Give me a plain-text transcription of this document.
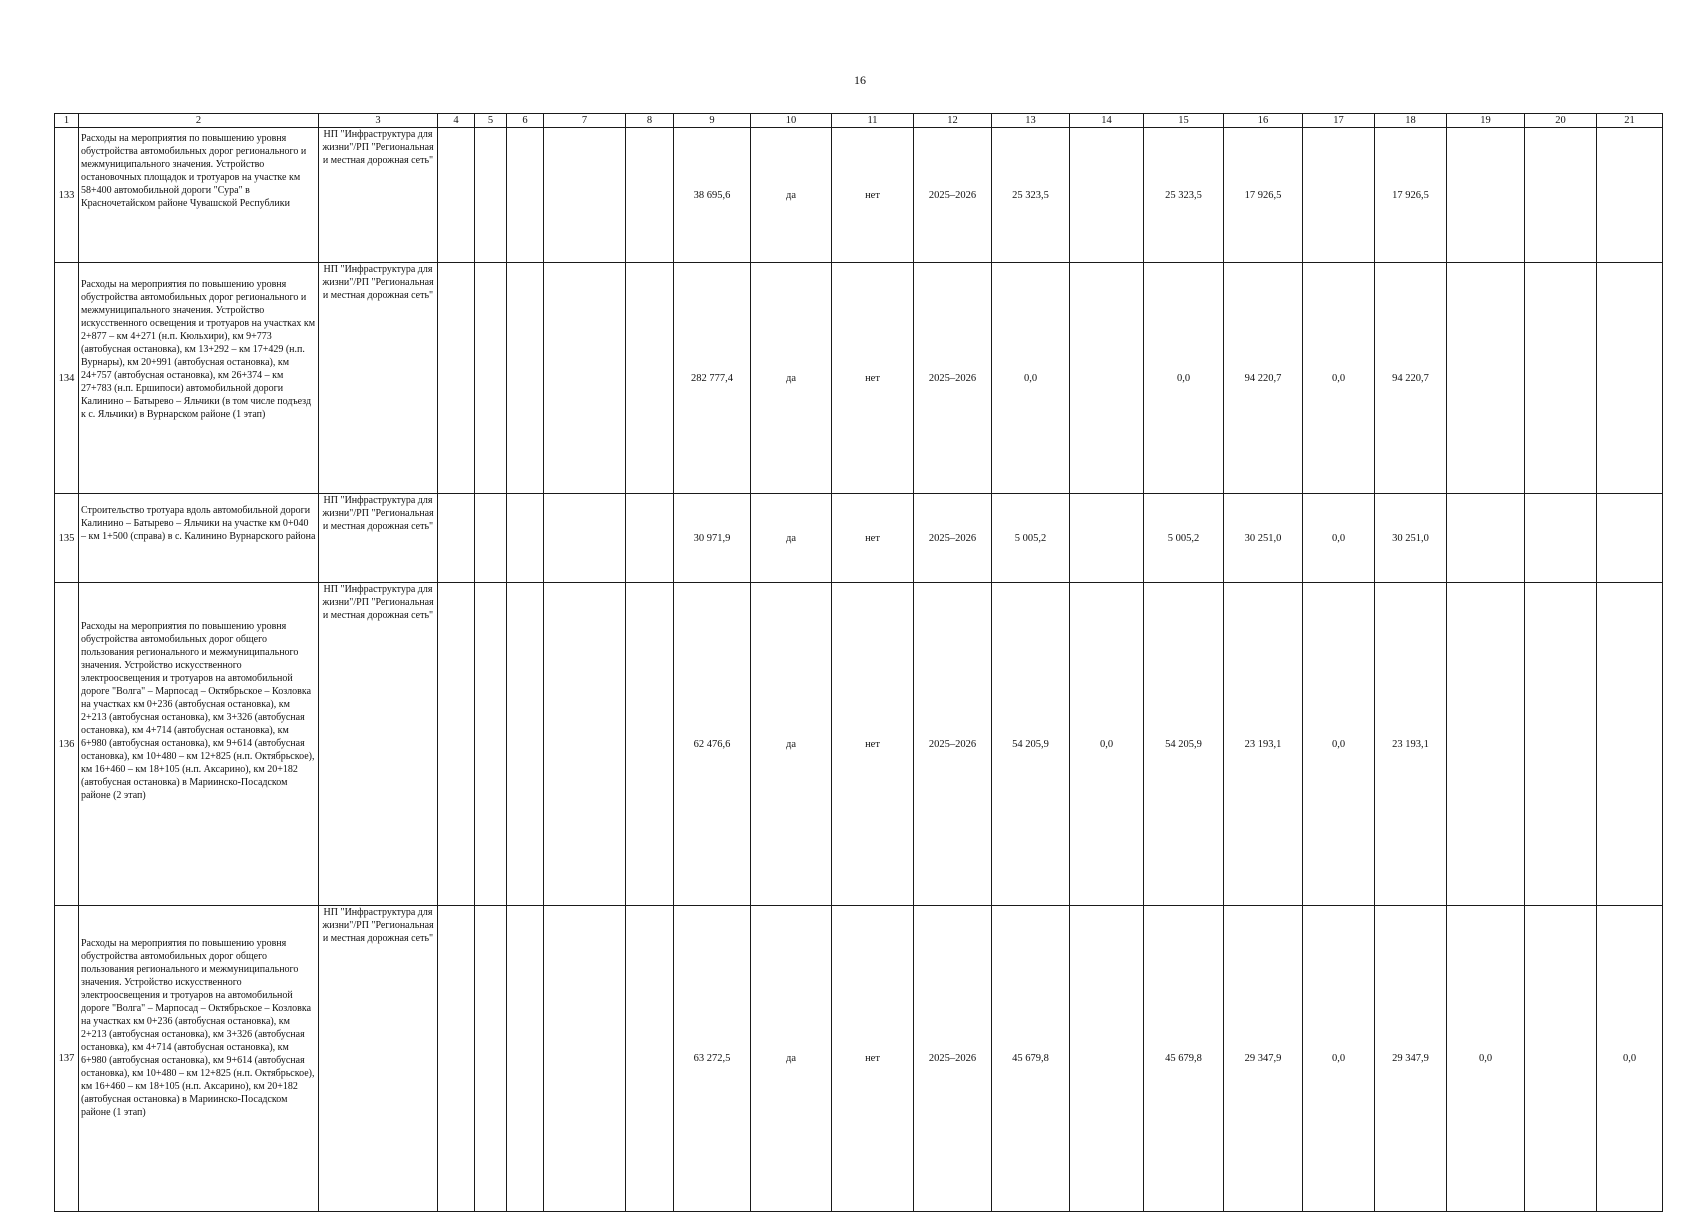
16
1	2	3	4	5	6	7	8	9	10	11	12	13	14	15	16	17	18	19	20	21
133	Расходы на мероприятия по повышению уровня обустройства автомобильных дорог регионального и межмуниципального значения. Устройство остановочных площадок и тротуаров на участке км 58+400 автомобильной дороги "Сура" в Красночетайском районе Чувашской Республики	НП "Инфраструктура для жизни"/РП "Региональная и местная дорожная сеть"						38 695,6	да	нет	2025–2026	25 323,5		25 323,5	17 926,5		17 926,5			
134	Расходы на мероприятия по повышению уровня обустройства автомобильных дорог регионального и межмуниципального значения. Устройство искусственного освещения и тротуаров на участках км 2+877 – км 4+271 (н.п. Кюльхири), км 9+773 (автобусная остановка), км 13+292 – км 17+429 (н.п. Вурнары), км 20+991 (автобусная остановка), км 24+757 (автобусная остановка), км 26+374 – км 27+783 (н.п. Ершипоси) автомобильной дороги Калинино – Батырево – Яльчики (в том числе подъезд к с. Яльчики) в Вурнарском районе (1 этап)	НП "Инфраструктура для жизни"/РП "Региональная и местная дорожная сеть"						282 777,4	да	нет	2025–2026	0,0		0,0	94 220,7	0,0	94 220,7			
135	Строительство тротуара вдоль автомобильной дороги Калинино – Батырево – Яльчики на участке км 0+040 – км 1+500 (справа) в с. Калинино Вурнарского района	НП "Инфраструктура для жизни"/РП "Региональная и местная дорожная сеть"						30 971,9	да	нет	2025–2026	5 005,2		5 005,2	30 251,0	0,0	30 251,0			
136	Расходы на мероприятия по повышению уровня обустройства автомобильных дорог общего пользования регионального и межмуниципального значения. Устройство искусственного электроосвещения и тротуаров на автомобильной дороге "Волга" – Марпосад – Октябрьское – Козловка на участках км 0+236 (автобусная остановка), км 2+213 (автобусная остановка), км 3+326 (автобусная остановка), км 4+714 (автобусная остановка), км 6+980 (автобусная остановка), км 9+614 (автобусная остановка), км 10+480 – км 12+825 (н.п. Октябрьское), км 16+460 – км 18+105 (н.п. Аксарино), км 20+182 (автобусная остановка) в Мариинско-Посадском районе (2 этап)	НП "Инфраструктура для жизни"/РП "Региональная и местная дорожная сеть"						62 476,6	да	нет	2025–2026	54 205,9	0,0	54 205,9	23 193,1	0,0	23 193,1			
137	Расходы на мероприятия по повышению уровня обустройства автомобильных дорог общего пользования регионального и межмуниципального значения. Устройство искусственного электроосвещения и тротуаров на автомобильной дороге "Волга" – Марпосад – Октябрьское – Козловка на участках км 0+236 (автобусная остановка), км 2+213 (автобусная остановка), км 3+326 (автобусная остановка), км 4+714 (автобусная остановка), км 6+980 (автобусная остановка), км 9+614 (автобусная остановка), км 10+480 – км 12+825 (н.п. Октябрьское), км 16+460 – км 18+105 (н.п. Аксарино), км 20+182 (автобусная остановка) в Мариинско-Посадском районе (1 этап)	НП "Инфраструктура для жизни"/РП "Региональная и местная дорожная сеть"						63 272,5	да	нет	2025–2026	45 679,8		45 679,8	29 347,9	0,0	29 347,9	0,0		0,0
